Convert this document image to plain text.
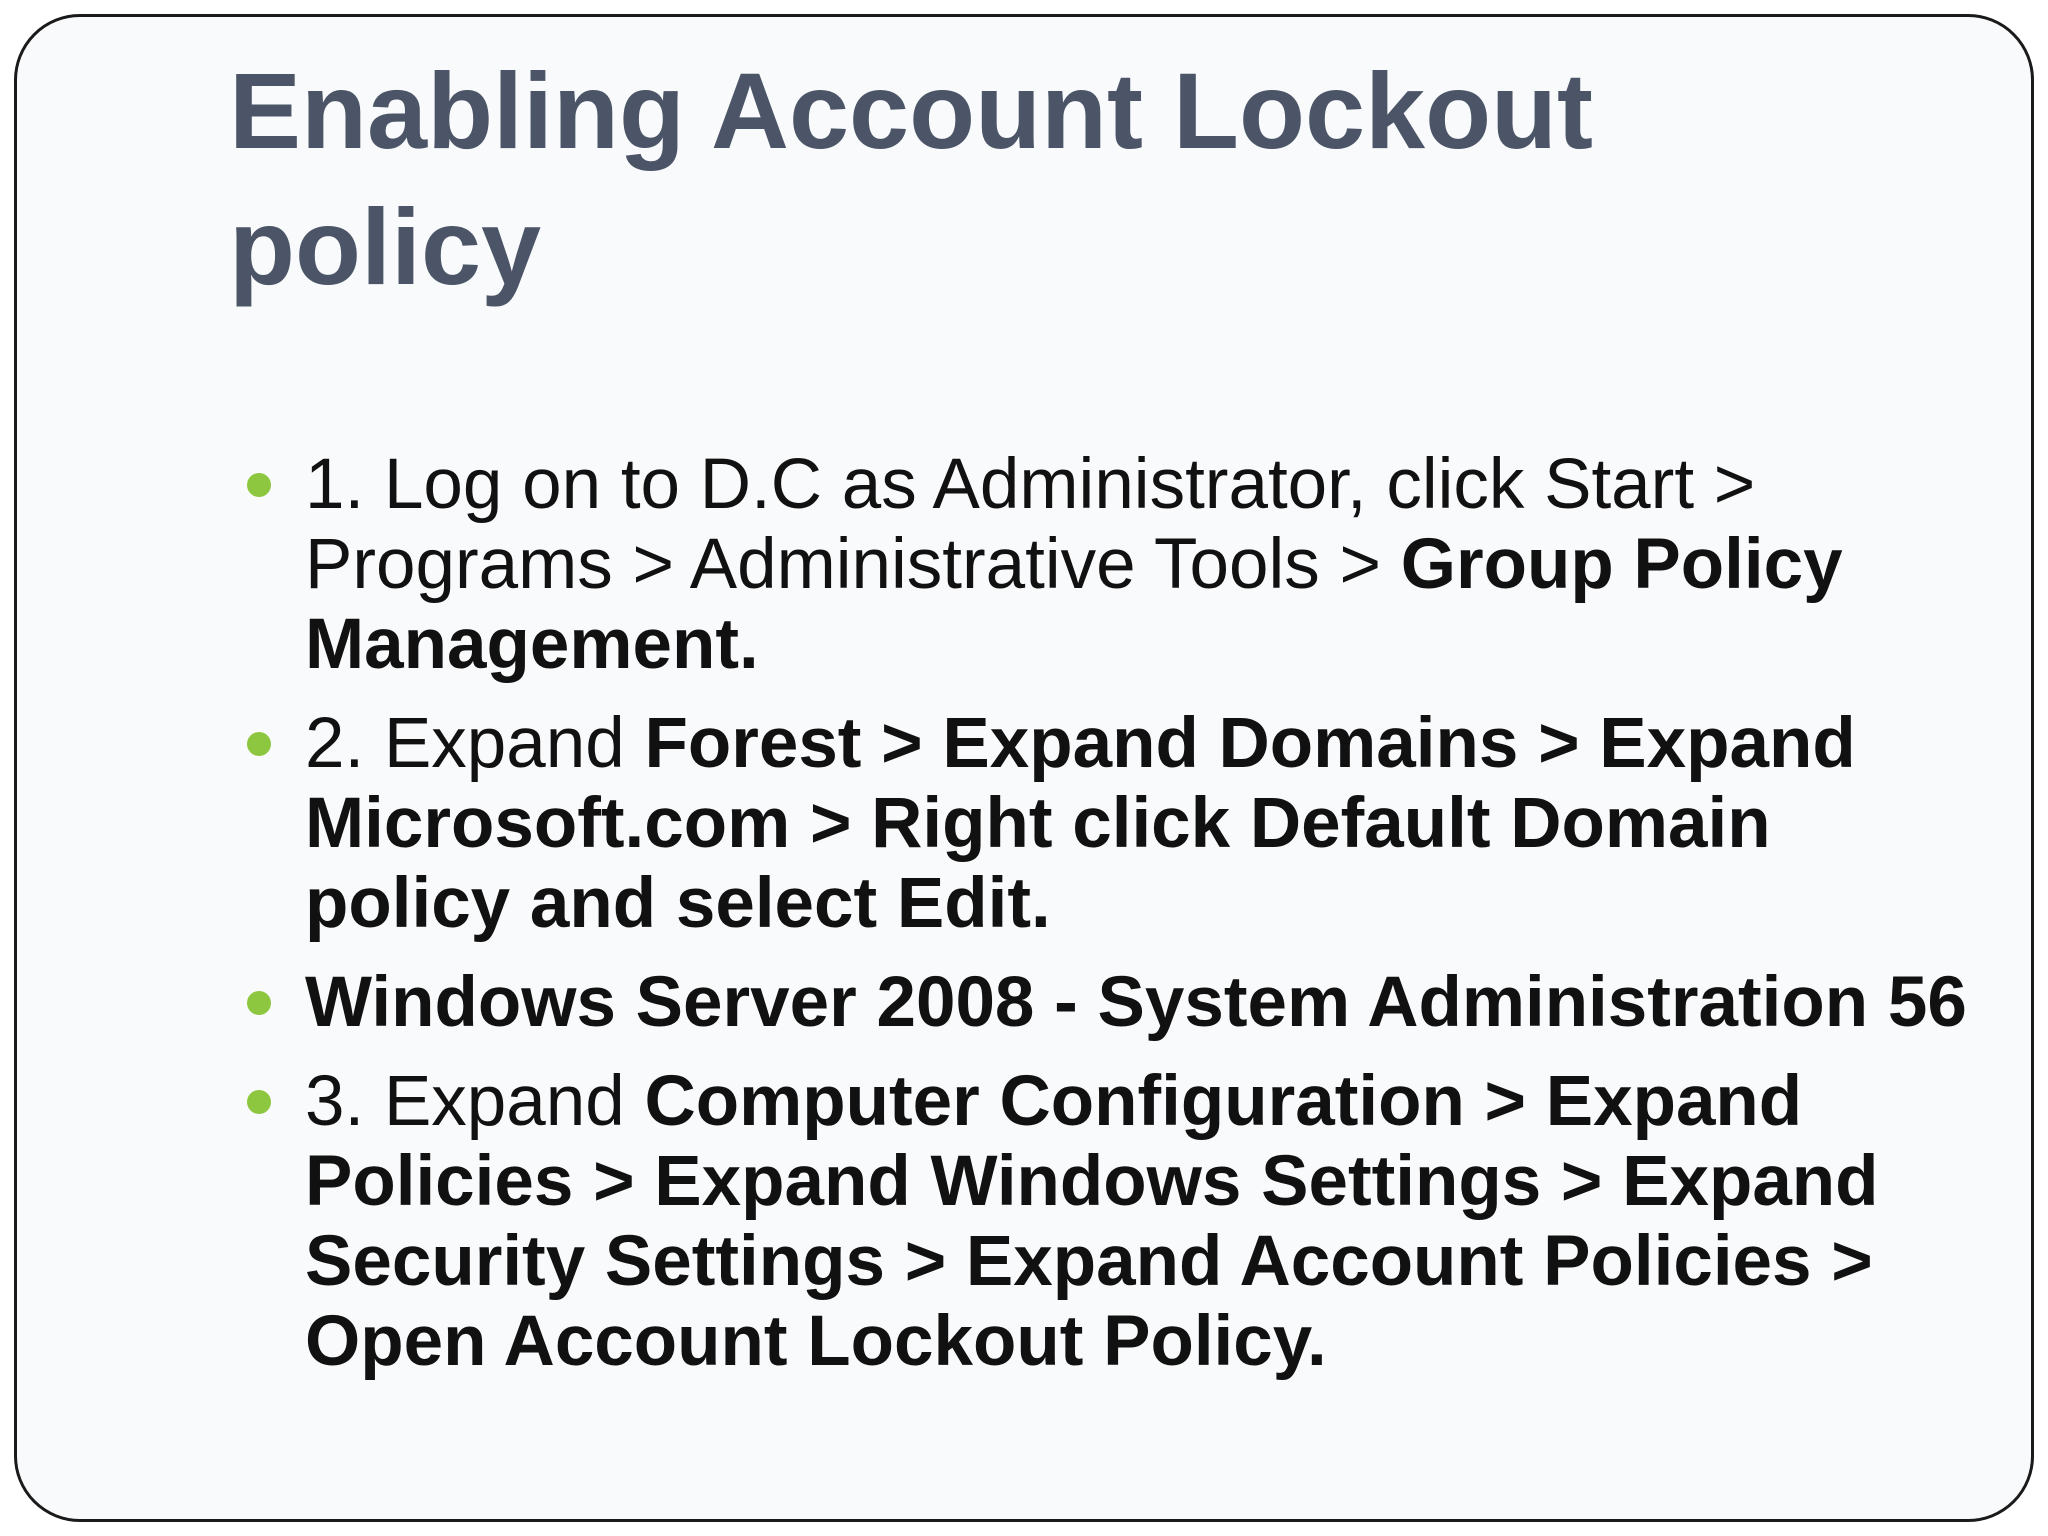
Enabling Account Lockout
policy
1. Log on to D.C as Administrator, click Start > Programs > Administrative Tools > Group Policy Management.
2. Expand Forest > Expand Domains > Expand Microsoft.com > Right click Default Domain policy and select Edit.
Windows Server 2008 - System Administration 56
3. Expand Computer Configuration > Expand Policies > Expand Windows Settings > Expand Security Settings > Expand Account Policies > Open Account Lockout Policy.
